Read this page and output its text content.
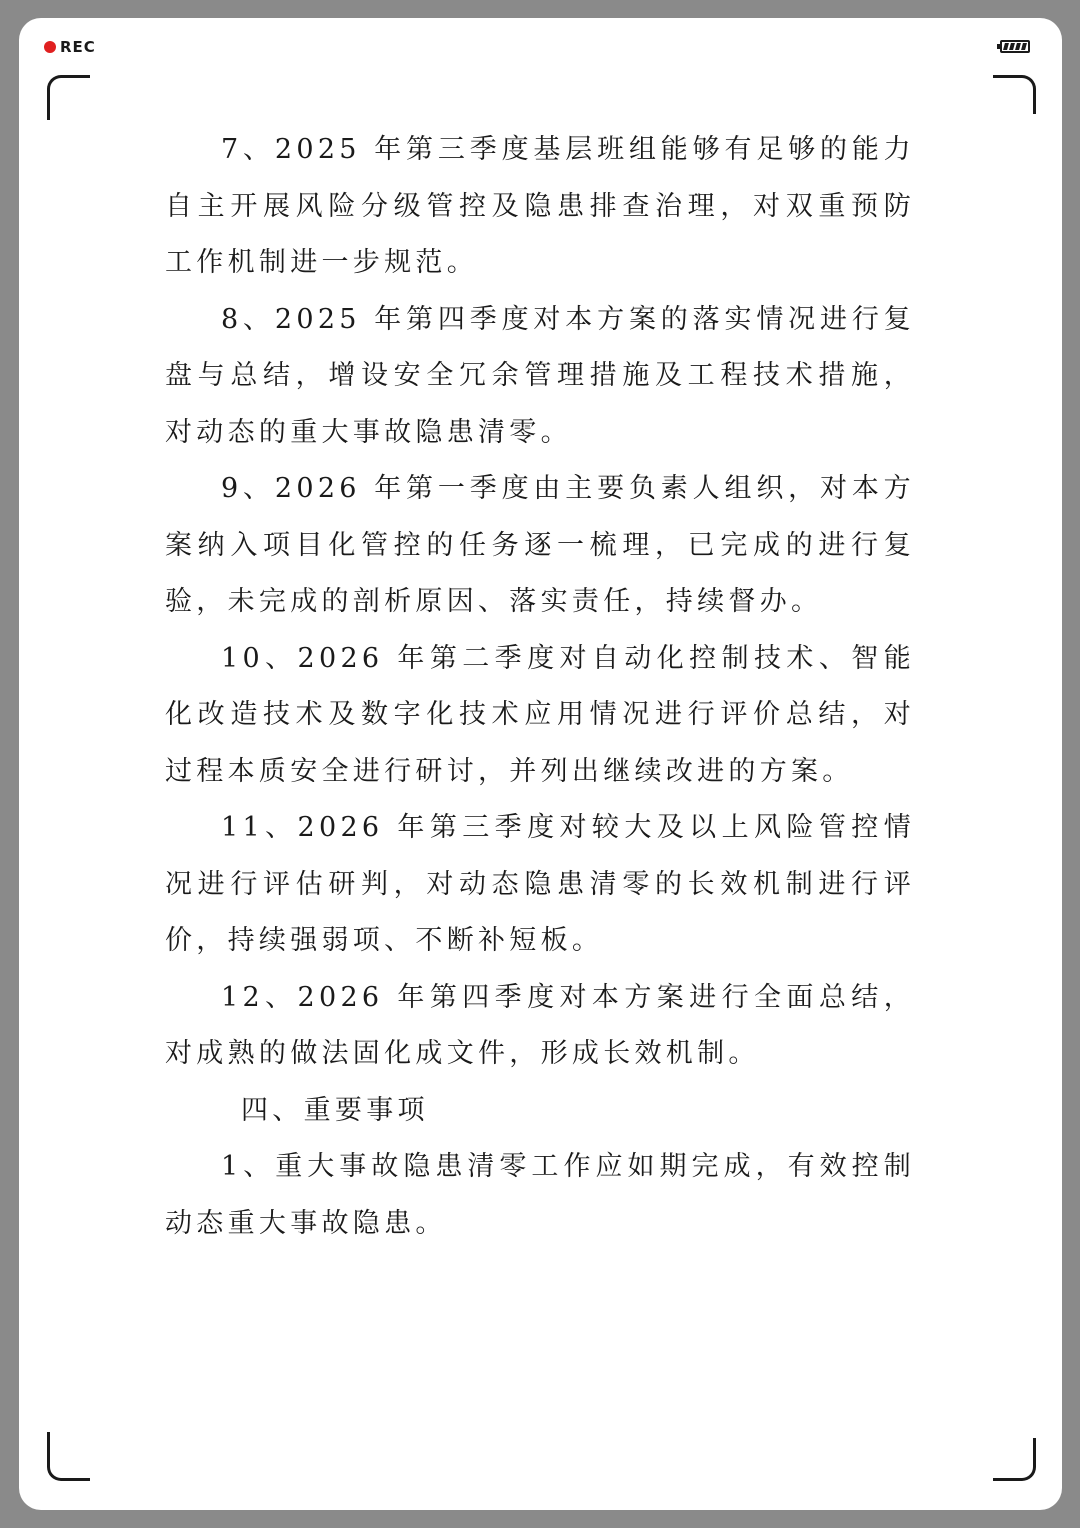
REC

7、2025 年第三季度基层班组能够有足够的能力自主开展风险分级管控及隐患排查治理，对双重预防工作机制进一步规范。

8、2025 年第四季度对本方案的落实情况进行复盘与总结，增设安全冗余管理措施及工程技术措施，对动态的重大事故隐患清零。

9、2026 年第一季度由主要负素人组织，对本方案纳入项目化管控的任务逐一梳理，已完成的进行复验，未完成的剖析原因、落实责任，持续督办。

10、2026 年第二季度对自动化控制技术、智能化改造技术及数字化技术应用情况进行评价总结，对过程本质安全进行研讨，并列出继续改进的方案。

11、2026 年第三季度对较大及以上风险管控情况进行评估研判，对动态隐患清零的长效机制进行评价，持续强弱项、不断补短板。

12、2026 年第四季度对本方案进行全面总结，对成熟的做法固化成文件，形成长效机制。

四、重要事项

1、重大事故隐患清零工作应如期完成，有效控制动态重大事故隐患。
